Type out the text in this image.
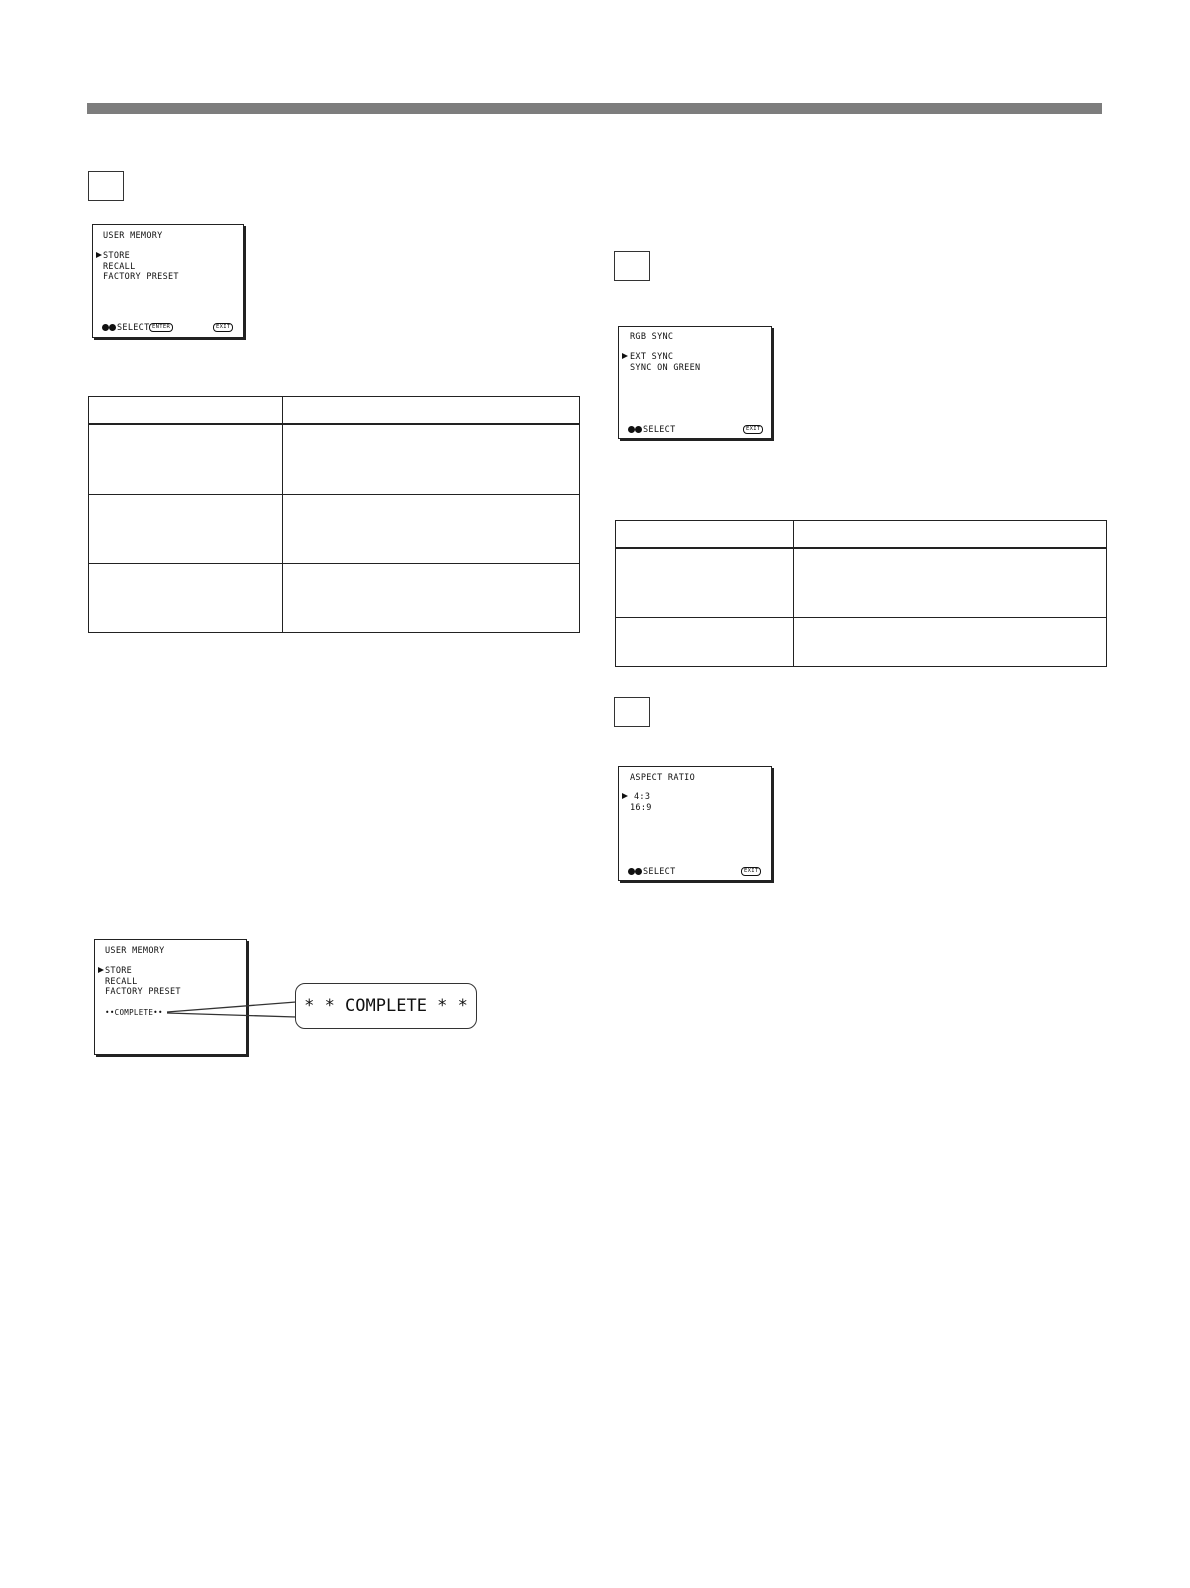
USER MEMORY
STORE
RECALL
FACTORY PRESET
SELECT ENTER	EXIT

RGB SYNC
EXT SYNC
SYNC ON GREEN
SELECT	EXIT

ASPECT RATIO
4:3
16:9
SELECT	EXIT
USER MEMORY
STORE
RECALL
FACTORY PRESET
••COMPLETE••	* * COMPLETE * *
